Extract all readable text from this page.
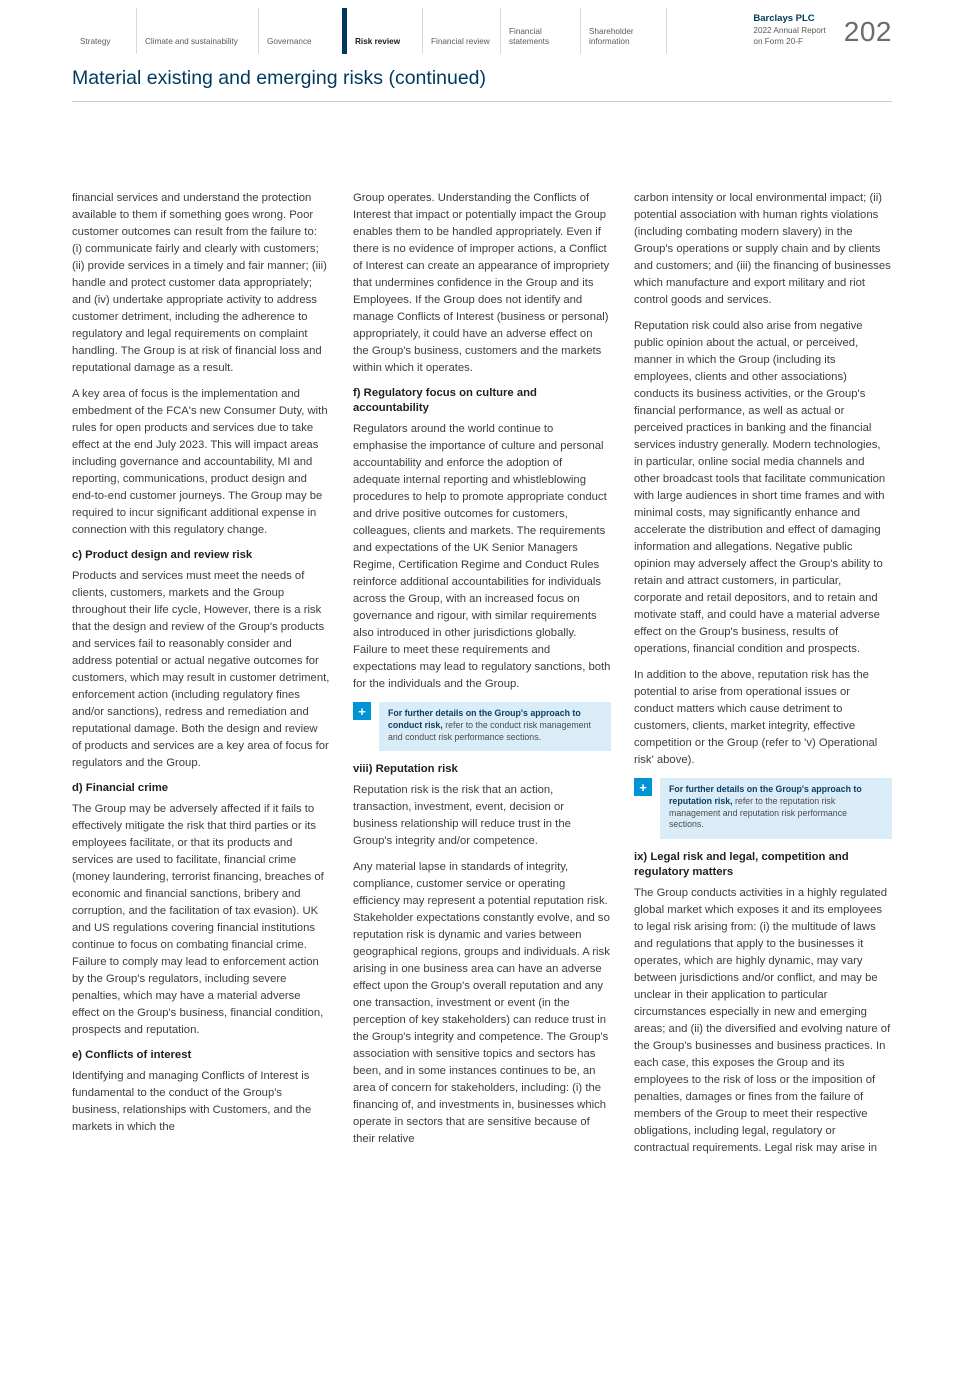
Strategy	Climate and sustainability	Governance	Risk review	Financial review
Financial statements
Shareholder information
Barclays PLC
2022 Annual Report
on Form 20-F	202
Material existing and emerging risks (continued)

financial services and understand the protection available to them if something goes wrong. Poor customer outcomes can result from the failure to: (i) communicate fairly and clearly with customers; (ii) provide services in a timely and fair manner; (iii) handle and protect customer data appropriately; and (iv) undertake appropriate activity to address customer detriment, including the adherence to regulatory and legal requirements on complaint handling. The Group is at risk of financial loss and reputational damage as a result.

A key area of focus is the implementation and embedment of the FCA's new Consumer Duty, with rules for open products and services due to take effect at the end July 2023. This will impact areas including governance and accountability, MI and reporting, communications, product design and end-to-end customer journeys. The Group may be required to incur significant additional expense in connection with this regulatory change.

c) Product design and review risk

Products and services must meet the needs of clients, customers, markets and the Group throughout their life cycle, However, there is a risk that the design and review of the Group's products and services fail to reasonably consider and address potential or actual negative outcomes for customers, which may result in customer detriment, enforcement action (including regulatory fines and/or sanctions), redress and remediation and reputational damage. Both the design and review of products and services are a key area of focus for regulators and the Group.

d) Financial crime

The Group may be adversely affected if it fails to effectively mitigate the risk that third parties or its employees facilitate, or that its products and services are used to facilitate, financial crime (money laundering, terrorist financing, breaches of economic and financial sanctions, bribery and corruption, and the facilitation of tax evasion). UK and US regulations covering financial institutions continue to focus on combating financial crime. Failure to comply may lead to enforcement action by the Group's regulators, including severe penalties, which may have a material adverse effect on the Group's business, financial condition, prospects and reputation.

e) Conflicts of interest

Identifying and managing Conflicts of Interest is fundamental to the conduct of the Group's business, relationships with Customers, and the markets in which the

Group operates. Understanding the Conflicts of Interest that impact or potentially impact the Group enables them to be handled appropriately. Even if there is no evidence of improper actions, a Conflict of Interest can create an appearance of impropriety that undermines confidence in the Group and its Employees. If the Group does not identify and manage Conflicts of Interest (business or personal) appropriately, it could have an adverse effect on the Group's business, customers and the markets within which it operates.

f) Regulatory focus on culture and accountability

Regulators around the world continue to emphasise the importance of culture and personal accountability and enforce the adoption of adequate internal reporting and whistleblowing procedures to help to promote appropriate conduct and drive positive outcomes for customers, colleagues, clients and markets. The requirements and expectations of the UK Senior Managers Regime, Certification Regime and Conduct Rules reinforce additional accountabilities for individuals across the Group, with an increased focus on governance and rigour, with similar requirements also introduced in other jurisdictions globally. Failure to meet these requirements and expectations may lead to regulatory sanctions, both for the individuals and the Group.

+	For further details on the Group's approach to conduct risk, refer to the conduct risk management and conduct risk performance sections.
viii) Reputation risk

Reputation risk is the risk that an action, transaction, investment, event, decision or business relationship will reduce trust in the Group's integrity and/or competence.

Any material lapse in standards of integrity, compliance, customer service or operating efficiency may represent a potential reputation risk. Stakeholder expectations constantly evolve, and so reputation risk is dynamic and varies between geographical regions, groups and individuals. A risk arising in one business area can have an adverse effect upon the Group's overall reputation and any one transaction, investment or event (in the perception of key stakeholders) can reduce trust in the Group's integrity and competence. The Group's association with sensitive topics and sectors has been, and in some instances continues to be, an area of concern for stakeholders, including: (i) the financing of, and investments in, businesses which operate in sectors that are sensitive because of their relative

carbon intensity or local environmental impact; (ii) potential association with human rights violations (including combating modern slavery) in the Group's operations or supply chain and by clients and customers; and (iii) the financing of businesses which manufacture and export military and riot control goods and services.

Reputation risk could also arise from negative public opinion about the actual, or perceived, manner in which the Group (including its employees, clients and other associations) conducts its business activities, or the Group's financial performance, as well as actual or perceived practices in banking and the financial services industry generally. Modern technologies, in particular, online social media channels and other broadcast tools that facilitate communication with large audiences in short time frames and with minimal costs, may significantly enhance and accelerate the distribution and effect of damaging information and allegations. Negative public opinion may adversely affect the Group's ability to retain and attract customers, in particular, corporate and retail depositors, and to retain and motivate staff, and could have a material adverse effect on the Group's business, results of operations, financial condition and prospects.

In addition to the above, reputation risk has the potential to arise from operational issues or conduct matters which cause detriment to customers, clients, market integrity, effective competition or the Group (refer to 'v) Operational risk' above).

+	For further details on the Group's approach to reputation risk, refer to the reputation risk management and reputation risk performance sections.
ix) Legal risk and legal, competition and regulatory matters

The Group conducts activities in a highly regulated global market which exposes it and its employees to legal risk arising from: (i) the multitude of laws and regulations that apply to the businesses it operates, which are highly dynamic, may vary between jurisdictions and/or conflict, and may be unclear in their application to particular circumstances especially in new and emerging areas; and (ii) the diversified and evolving nature of the Group's businesses and business practices. In each case, this exposes the Group and its employees to the risk of loss or the imposition of penalties, damages or fines from the failure of members of the Group to meet their respective obligations, including legal, regulatory or contractual requirements. Legal risk may arise in
